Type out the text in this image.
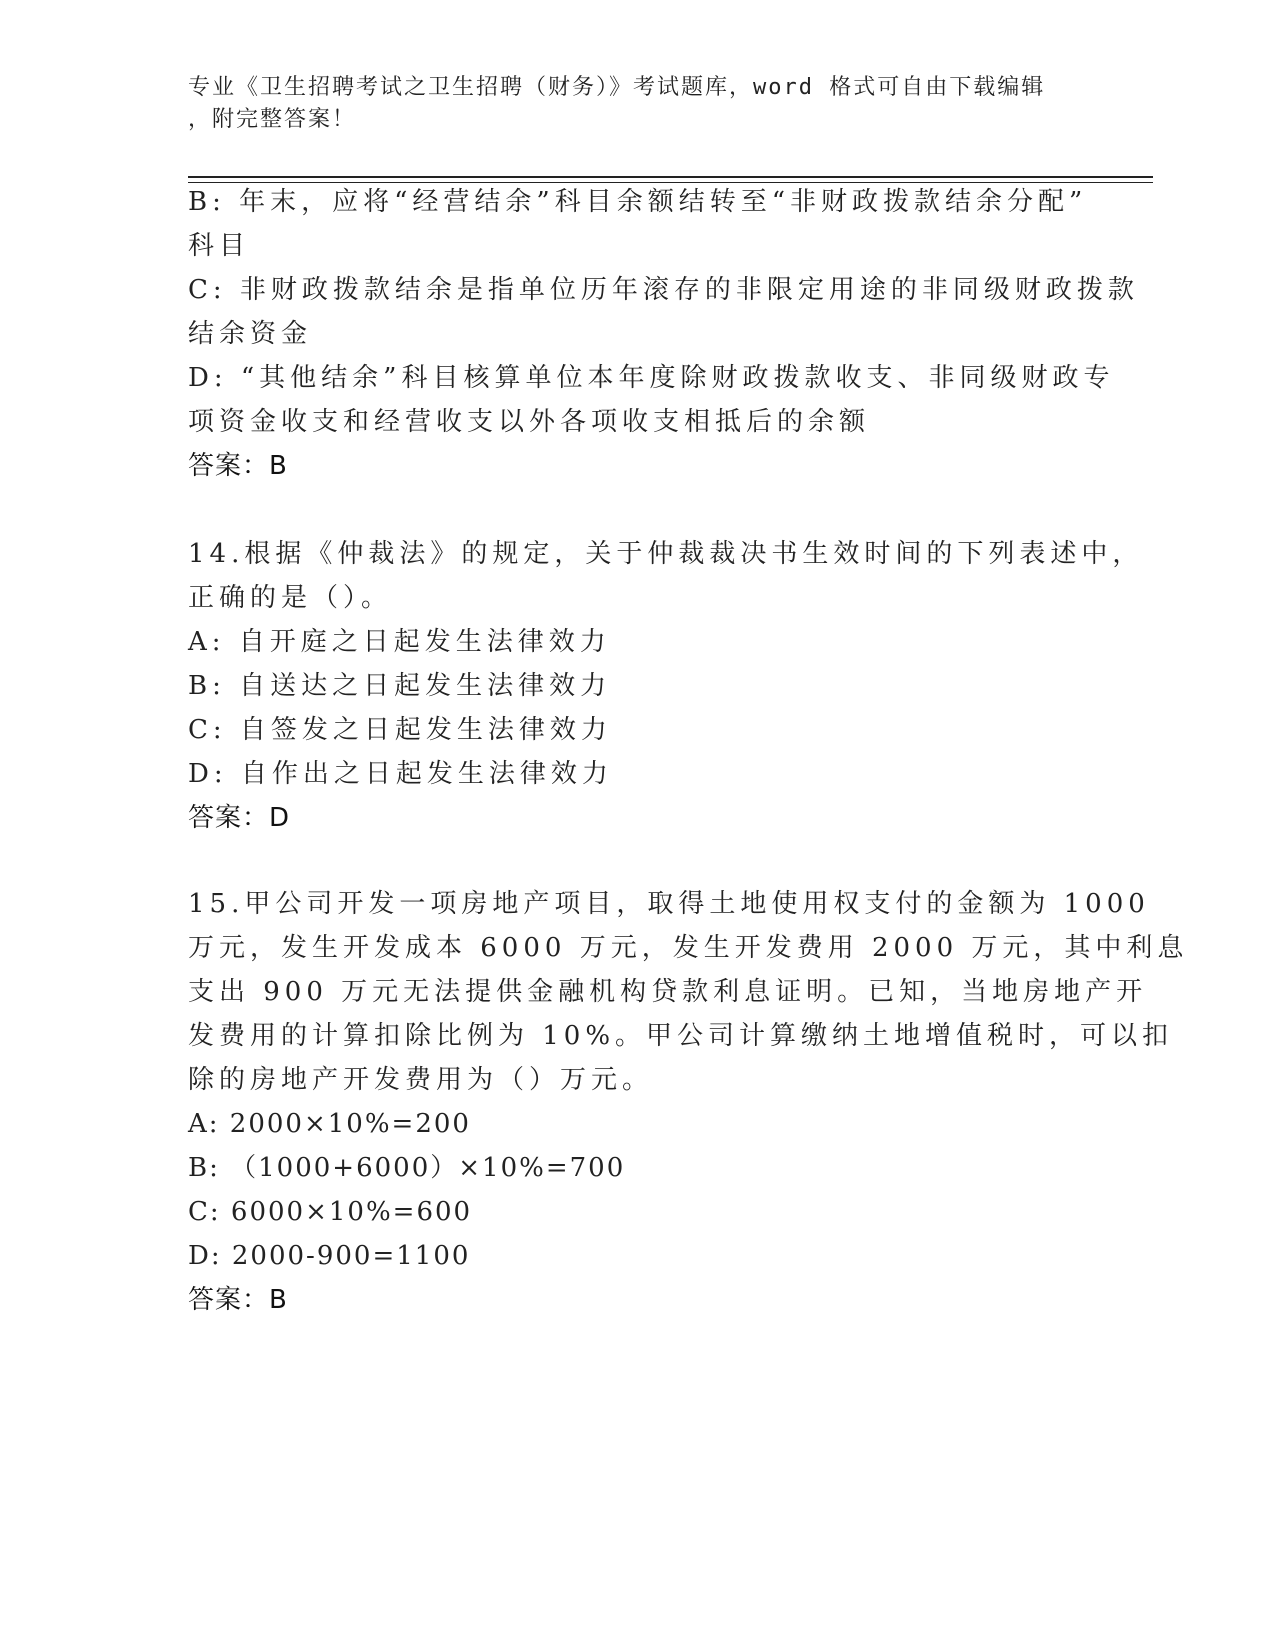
专业《卫生招聘考试之卫生招聘（财务）》考试题库，word 格式可自由下载编辑
，附完整答案！
B: 年末，应将“经营结余”科目余额结转至“非财政拨款结余分配”
科目
C: 非财政拨款结余是指单位历年滚存的非限定用途的非同级财政拨款
结余资金
D: “其他结余”科目核算单位本年度除财政拨款收支、非同级财政专
项资金收支和经营收支以外各项收支相抵后的余额
答案：B
14.根据《仲裁法》的规定，关于仲裁裁决书生效时间的下列表述中，
正确的是（）。
A: 自开庭之日起发生法律效力
B: 自送达之日起发生法律效力
C: 自签发之日起发生法律效力
D: 自作出之日起发生法律效力
答案：D
15.甲公司开发一项房地产项目，取得土地使用权支付的金额为 1000
万元，发生开发成本 6000 万元，发生开发费用 2000 万元，其中利息
支出 900 万元无法提供金融机构贷款利息证明。已知，当地房地产开
发费用的计算扣除比例为 10%。甲公司计算缴纳土地增值税时，可以扣
除的房地产开发费用为（）万元。
A: 2000×10%=200
B: （1000+6000）×10%=700
C: 6000×10%=600
D: 2000-900=1100
答案：B
